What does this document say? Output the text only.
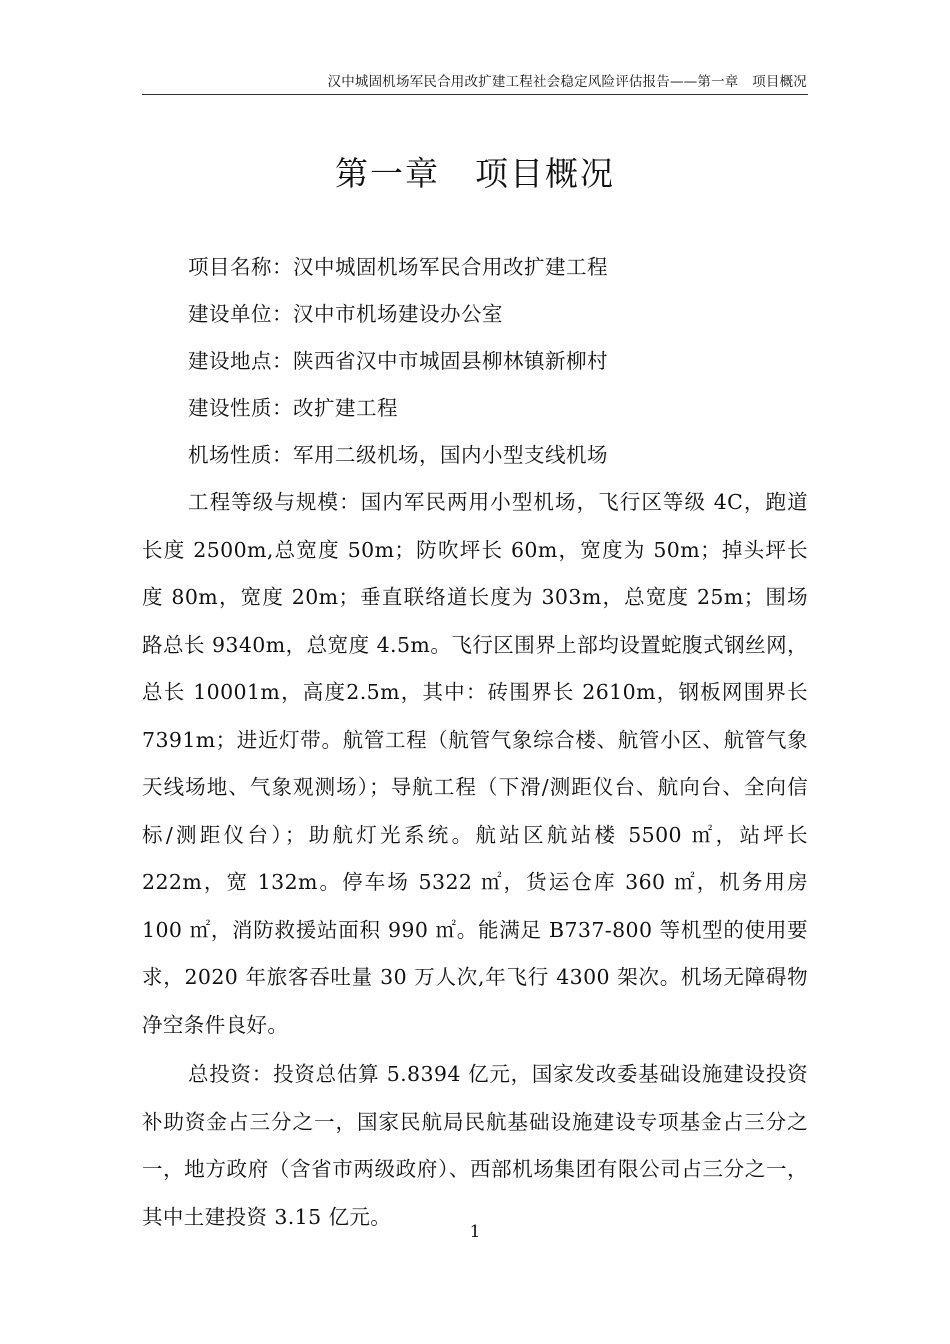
汉中城固机场军民合用改扩建工程社会稳定风险评估报告——第一章　项目概况
第一章　项目概况

项目名称：汉中城固机场军民合用改扩建工程

建设单位：汉中市机场建设办公室

建设地点：陕西省汉中市城固县柳林镇新柳村

建设性质：改扩建工程

机场性质：军用二级机场，国内小型支线机场

工程等级与规模：国内军民两用小型机场，飞行区等级 4C，跑道长度 2500m,总宽度 50m；防吹坪长 60m，宽度为 50m；掉头坪长度 80m，宽度 20m；垂直联络道长度为 303m，总宽度 25m；围场路总长 9340m，总宽度 4.5m。飞行区围界上部均设置蛇腹式钢丝网，总长 10001m，高度2.5m，其中：砖围界长 2610m，钢板网围界长 7391m；进近灯带。航管工程（航管气象综合楼、航管小区、航管气象天线场地、气象观测场）；导航工程（下滑/测距仪台、航向台、全向信标/测距仪台）；助航灯光系统。航站区航站楼 5500 ㎡，站坪长 222m，宽 132m。停车场 5322 ㎡，货运仓库 360 ㎡，机务用房 100 ㎡，消防救援站面积 990 ㎡。能满足 B737-800 等机型的使用要求，2020 年旅客吞吐量 30 万人次,年飞行 4300 架次。机场无障碍物净空条件良好。

总投资：投资总估算 5.8394 亿元，国家发改委基础设施建设投资补助资金占三分之一，国家民航局民航基础设施建设专项基金占三分之一，地方政府（含省市两级政府）、西部机场集团有限公司占三分之一，其中土建投资 3.15 亿元。

1
